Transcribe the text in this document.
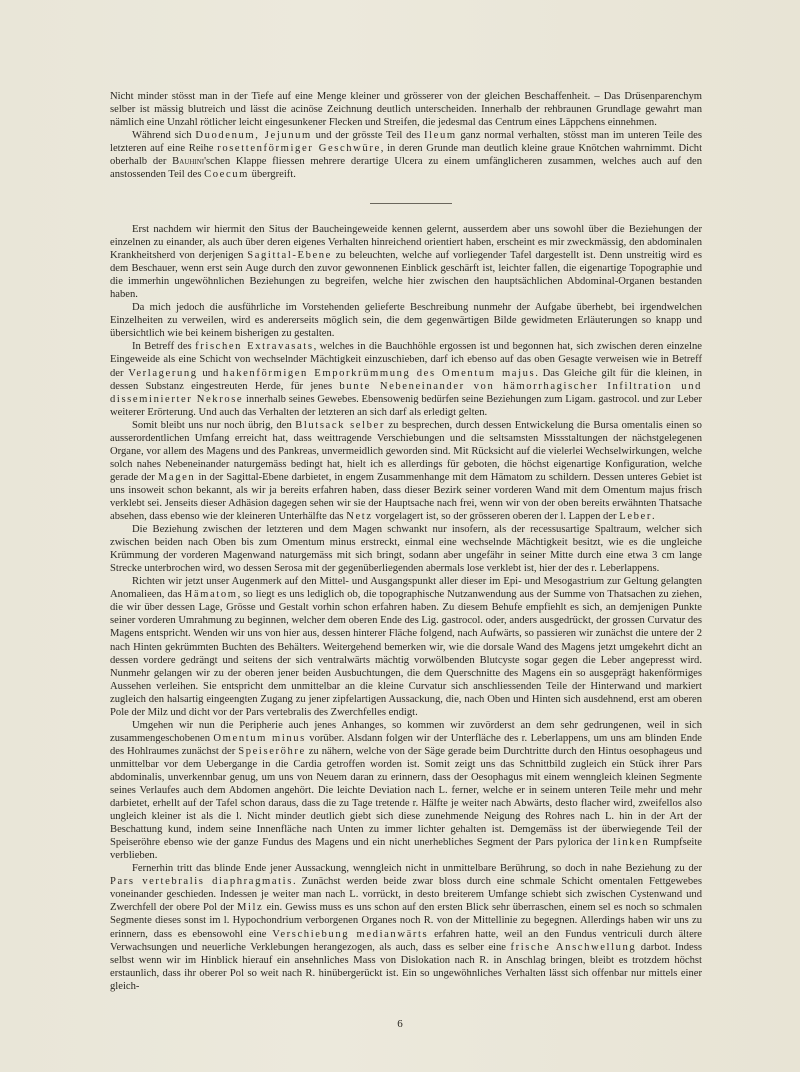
Nicht minder stösst man in der Tiefe auf eine Menge kleiner und grösserer von der gleichen Beschaffenheit. – Das Drüsenparenchym selber ist mässig blutreich und lässt die acinöse Zeichnung deutlich unterscheiden. Innerhalb der rehbraunen Grundlage gewahrt man nämlich eine Unzahl rötlicher leicht eingesunkener Flecken und Streifen, die jedesmal das Centrum eines Läppchens einnehmen.

Während sich Duodenum, Jejunum und der grösste Teil des Ileum ganz normal verhalten, stösst man im unteren Teile des letzteren auf eine Reihe rosettenförmiger Geschwüre, in deren Grunde man deutlich kleine graue Knötchen wahrnimmt. Dicht oberhalb der Bauhini'schen Klappe fliessen mehrere derartige Ulcera zu einem umfänglicheren zusammen, welches auch auf den anstossenden Teil des Coecum übergreift.

Erst nachdem wir hiermit den Situs der Baucheingeweide kennen gelernt, ausserdem aber uns sowohl über die Beziehungen der einzelnen zu einander, als auch über deren eigenes Verhalten hinreichend orientiert haben, erscheint es mir zweckmässig, den abdominalen Krankheitsherd von derjenigen Sagittal-Ebene zu beleuchten, welche auf vorliegender Tafel dargestellt ist. Denn unstreitig wird es dem Beschauer, wenn erst sein Auge durch den zuvor gewonnenen Einblick geschärft ist, leichter fallen, die eigenartige Topographie und die immerhin ungewöhnlichen Beziehungen zu begreifen, welche hier zwischen den hauptsächlichen Abdominal-Organen bestanden haben.

Da mich jedoch die ausführliche im Vorstehenden gelieferte Beschreibung nunmehr der Aufgabe überhebt, bei irgendwelchen Einzelheiten zu verweilen, wird es andererseits möglich sein, die dem gegenwärtigen Bilde gewidmeten Erläuterungen so knapp und übersichtlich wie bei keinem bisherigen zu gestalten.

In Betreff des frischen Extravasats, welches in die Bauchhöhle ergossen ist und begonnen hat, sich zwischen deren einzelne Eingeweide als eine Schicht von wechselnder Mächtigkeit einzuschieben, darf ich ebenso auf das oben Gesagte verweisen wie in Betreff der Verlagerung und hakenförmigen Emporkrümmung des Omentum majus. Das Gleiche gilt für die kleinen, in dessen Substanz eingestreuten Herde, für jenes bunte Nebeneinander von hämorrhagischer Infiltration und disseminierter Nekrose innerhalb seines Gewebes. Ebensowenig bedürfen seine Beziehungen zum Ligam. gastrocol. und zur Leber weiterer Erörterung. Und auch das Verhalten der letzteren an sich darf als erledigt gelten.

Somit bleibt uns nur noch übrig, den Blutsack selber zu besprechen, durch dessen Entwickelung die Bursa omentalis einen so ausserordentlichen Umfang erreicht hat, dass weittragende Verschiebungen und die seltsamsten Missstaltungen der nächstgelegenen Organe, vor allem des Magens und des Pankreas, unvermeidlich geworden sind. Mit Rücksicht auf die vielerlei Wechselwirkungen, welche solch nahes Nebeneinander naturgemäss bedingt hat, hielt ich es allerdings für geboten, die höchst eigenartige Konfiguration, welche gerade der Magen in der Sagittal-Ebene darbietet, in engem Zusammenhange mit dem Hämatom zu schildern. Dessen unteres Gebiet ist uns insoweit schon bekannt, als wir ja bereits erfahren haben, dass dieser Bezirk seiner vorderen Wand mit dem Omentum majus frisch verklebt sei. Jenseits dieser Adhäsion dagegen sehen wir sie der Hauptsache nach frei, wenn wir von der oben bereits erwähnten Thatsache absehen, dass ebenso wie der kleineren Unterhälfte das Netz vorgelagert ist, so der grösseren oberen der l. Lappen der Leber.

Die Beziehung zwischen der letzteren und dem Magen schwankt nur insofern, als der recessusartige Spaltraum, welcher sich zwischen beiden nach Oben bis zum Omentum minus erstreckt, einmal eine wechselnde Mächtigkeit besitzt, wie es die ungleiche Krümmung der vorderen Magenwand naturgemäss mit sich bringt, sodann aber ungefähr in seiner Mitte durch eine etwa 3 cm lange Strecke unterbrochen wird, wo dessen Serosa mit der gegenüberliegenden abermals lose verklebt ist, hier der des r. Leberlappens.

Richten wir jetzt unser Augenmerk auf den Mittel- und Ausgangspunkt aller dieser im Epi- und Mesogastrium zur Geltung gelangten Anomalieen, das Hämatom, so liegt es uns lediglich ob, die topographische Nutzanwendung aus der Summe von Thatsachen zu ziehen, die wir über dessen Lage, Grösse und Gestalt vorhin schon erfahren haben. Zu diesem Behufe empfiehlt es sich, an demjenigen Punkte seiner vorderen Umrahmung zu beginnen, welcher dem oberen Ende des Lig. gastrocol. oder, anders ausgedrückt, der grossen Curvatur des Magens entspricht. Wenden wir uns von hier aus, dessen hinterer Fläche folgend, nach Aufwärts, so passieren wir zunächst die untere der 2 nach Hinten gekrümmten Buchten des Behälters. Weitergehend bemerken wir, wie die dorsale Wand des Magens jetzt umgekehrt dicht an dessen vordere gedrängt und seitens der sich ventralwärts mächtig vorwölbenden Blutcyste sogar gegen die Leber angepresst wird. Nunmehr gelangen wir zu der oberen jener beiden Ausbuchtungen, die dem Querschnitte des Magens ein so ausgeprägt hakenförmiges Aussehen verleihen. Sie entspricht dem unmittelbar an die kleine Curvatur sich anschliessenden Teile der Hinterwand und markiert zugleich den halsartig eingeengten Zugang zu jener zipfelartigen Aussackung, die, nach Oben und Hinten sich ausdehnend, erst am oberen Pole der Milz und dicht vor der Pars vertebralis des Zwerchfelles endigt.

Umgehen wir nun die Peripherie auch jenes Anhanges, so kommen wir zuvörderst an dem sehr gedrungenen, weil in sich zusammengeschobenen Omentum minus vorüber. Alsdann folgen wir der Unterfläche des r. Leberlappens, um uns am blinden Ende des Hohlraumes zunächst der Speiseröhre zu nähern, welche von der Säge gerade beim Durchtritte durch den Hintus oesophageus und unmittelbar vor dem Uebergange in die Cardia getroffen worden ist. Somit zeigt uns das Schnittbild zugleich ein Stück ihrer Pars abdominalis, unverkennbar genug, um uns von Neuem daran zu erinnern, dass der Oesophagus mit einem wenngleich kleinen Segmente seines Verlaufes auch dem Abdomen angehört. Die leichte Deviation nach L. ferner, welche er in seinem unteren Teile mehr und mehr darbietet, erhellt auf der Tafel schon daraus, dass die zu Tage tretende r. Hälfte je weiter nach Abwärts, desto flacher wird, zweifellos also ungleich kleiner ist als die l. Nicht minder deutlich giebt sich diese zunehmende Neigung des Rohres nach L. hin in der Art der Beschattung kund, indem seine Innenfläche nach Unten zu immer lichter gehalten ist. Demgemäss ist der überwiegende Teil der Speiseröhre ebenso wie der ganze Fundus des Magens und ein nicht unerhebliches Segment der Pars pylorica der linken Rumpfseite verblieben.

Fernerhin tritt das blinde Ende jener Aussackung, wenngleich nicht in unmittelbare Berührung, so doch in nahe Beziehung zu der Pars vertebralis diaphragmatis. Zunächst werden beide zwar bloss durch eine schmale Schicht omentalen Fettgewebes voneinander geschieden. Indessen je weiter man nach L. vorrückt, in desto breiterem Umfange schiebt sich zwischen Cystenwand und Zwerchfell der obere Pol der Milz ein. Gewiss muss es uns schon auf den ersten Blick sehr überraschen, einem sel es noch so schmalen Segmente dieses sonst im l. Hypochondrium verborgenen Organes noch R. von der Mittellinie zu begegnen. Allerdings haben wir uns zu erinnern, dass es ebensowohl eine Verschiebung medianwärts erfahren hatte, weil an den Fundus ventriculi durch ältere Verwachsungen und neuerliche Verklebungen herangezogen, als auch, dass es selber eine frische Anschwellung darbot. Indess selbst wenn wir im Hinblick hierauf ein ansehnliches Mass von Dislokation nach R. in Anschlag bringen, bleibt es trotzdem höchst erstaunlich, dass ihr oberer Pol so weit nach R. hinübergerückt ist. Ein so ungewöhnliches Verhalten lässt sich offenbar nur mittels einer gleich-

6
